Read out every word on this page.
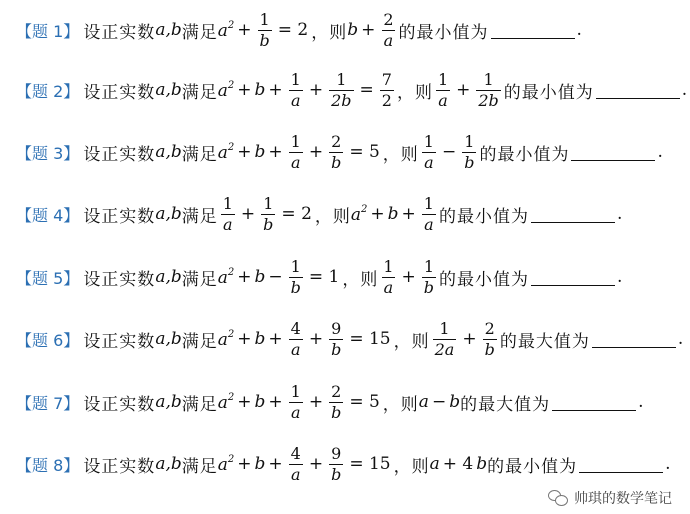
【题 1】 设正实数 a,b 满足 $a^2 + \frac{1}{b} = 2$ ， 则 $b + \frac{2}{a}$ 的最小值为	.
【题 2】 设正实数 a,b 满足 $a^2 + b + \frac{1}{a} + \frac{1}{2b} = \frac{7}{2}$ ， 则 $\frac{1}{a} + \frac{1}{2b}$ 的最小值为	.
【题 3】 设正实数 a,b 满足 $a^2 + b + \frac{1}{a} + \frac{2}{b} = 5$ ， 则 $\frac{1}{a} - \frac{1}{b}$ 的最小值为	.
【题 4】 设正实数 a,b 满足 $\frac{1}{a} + \frac{1}{b} = 2$ ， 则 $a^2 + b + \frac{1}{a}$ 的最小值为	.
【题 5】 设正实数 a,b 满足 $a^2 + b - \frac{1}{b} = 1$ ， 则 $\frac{1}{a} + \frac{1}{b}$ 的最小值为	.
【题 6】 设正实数 a,b 满足 $a^2 + b + \frac{4}{a} + \frac{9}{b} = 15$ ， 则 $\frac{1}{2a} + \frac{2}{b}$ 的最大值为	.
【题 7】 设正实数 a,b 满足 $a^2 + b + \frac{1}{a} + \frac{2}{b} = 5$ ， 则 a − b 的最大值为	.
【题 8】 设正实数 a,b 满足 $a^2 + b + \frac{4}{a} + \frac{9}{b} = 15$ ， 则 a + 4 b 的最小值为	.
帅琪的数学笔记
